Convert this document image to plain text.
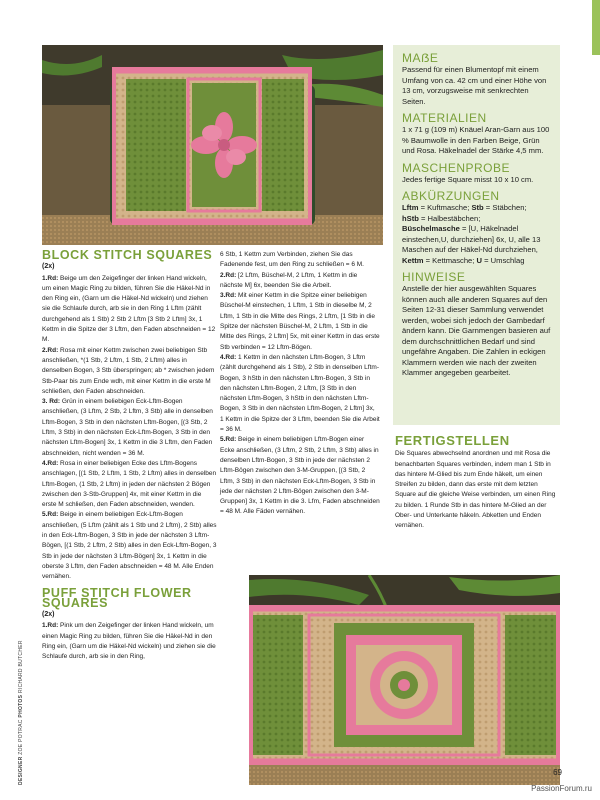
MAẞE

Passend für einen Blumentopf mit einem Umfang von ca. 42 cm und einer Höhe von 13 cm, vorzugsweise mit senkrechten Seiten.

MATERIALIEN

1 x 71 g (109 m) Knäuel Aran-Garn aus 100 % Baumwolle in den Farben Beige, Grün und Rosa. Häkelnadel der Stärke 4,5 mm.

MASCHENPROBE

Jedes fertige Square misst 10 x 10 cm.

ABKÜRZUNGEN

Lftm = Kuftmasche; Stb = Stäbchen;
hStb = Halbestäbchen;
Büschelmasche = [U, Häkelnadel einstechen,U, durchziehen] 6x, U, alle 13 Maschen auf der Häkel-Nd durchziehen, Kettm = Kettmasche; U = Umschlag

HINWEISE

Anstelle der hier ausgewählten Squares können auch alle anderen Squares auf den Seiten 12-31 dieser Sammlung verwendet werden, wobei sich jedoch der Garnbedarf ändern kann. Die Garnmengen basieren auf dem durchschnittlichen Bedarf und sind ungefähre Angaben. Die Zahlen in eckigen Klammern werden wie nach der zweiten Klammer angegeben gearbeitet.

BLOCK STITCH SQUARES
(2x)

1.Rd: Beige um den Zeigefinger der linken Hand wickeln, um einen Magic Ring zu bilden, führen Sie die Häkel-Nd in den Ring ein, (Garn um die Häkel-Nd wickeln) und ziehen sie die Schlaufe durch, arb sie in den Ring 1 Lftm (zählt durchgehend als 1 Stb) 2 Stb 2 Lftm [3 Stb 2 Lftm] 3x, 1 Kettm in die Spitze der 3 Lftm, den Faden abschneiden = 12 M.

2.Rd: Rosa mit einer Kettm zwischen zwei beliebigen Stb anschließen, *(1 Stb, 2 Lftm, 1 Stb, 2 Lftm) alles in denselben Bogen, 3 Stb überspringen; ab * zwischen jedem Stb-Paar bis zum Ende wdh, mit einer Kettm in die erste M schließen, den Faden abschneiden.

3. Rd: Grün in einem beliebigen Eck-Lftm-Bogen anschließen, (3 Lftm, 2 Stb, 2 Lftm, 3 Stb) alle in denselben Lftm-Bogen, 3 Stb in den nächsten Lftm-Bogen, [(3 Stb, 2 Lftm, 3 Stb) in den nächsten Eck-Lftm-Bogen, 3 Stb in den nächsten Lftm-Bogen] 3x, 1 Kettm in die 3 Lftm, den Faden abschneiden, nicht wenden = 36 M.

4.Rd: Rosa in einer beliebigen Ecke des Lftm-Bogens anschlagen, [(1 Stb, 2 Lftm, 1 Stb, 2 Lftm) alles in denselben Lftm-Bogen, (1 Stb, 2 Lftm) in jeden der nächsten 2 Bögen zwischen den 3-Stb-Gruppen] 4x, mit einer Kettm in die erste M schließen, den Faden abschneiden, wenden.

5.Rd: Beige in einem beliebigen Eck-Lftm-Bogen anschließen, (5 Lftm (zählt als 1 Stb und 2 Lftm), 2 Stb) alles in den Eck-Lftm-Bogen, 3 Stb in jede der nächsten 3 Lftm-Bögen, [(1 Stb, 2 Lftm, 2 Stb) alles in den Eck-Lftm-Bogen, 3 Stb in jede der nächsten 3 Lftm-Bögen] 3x, 1 Kettm in die oberste 3 Lftm, den Faden abschneiden = 48 M. Alle Enden vernähen.

PUFF STITCH FLOWER SQUARES
(2x)

1.Rd: Pink um den Zeigefinger der linken Hand wickeln, um einen Magic Ring zu bilden, führen Sie die Häkel-Nd in den Ring ein, (Garn um die Häkel-Nd wickeln) und ziehen sie die Schlaufe durch, arb sie in den Ring,

6 Stb, 1 Kettm zum Verbinden, ziehen Sie das Fadenende fest, um den Ring zu schließen = 6 M.

2.Rd: [2 Lftm, Büschel-M, 2 Lftm, 1 Kettm in die nächste M] 6x, beenden Sie die Arbeit.

3.Rd: Mit einer Kettm in die Spitze einer beliebigen Büschel-M einstechen, 1 Lftm, 1 Stb in dieselbe M, 2 Lftm, 1 Stb in die Mitte des Rings, 2 Lftm, [1 Stb in die Spitze der nächsten Büschel-M, 2 Lftm, 1 Stb in die Mitte des Rings, 2 Lftm] 5x, mit einer Kettm in das erste Stb verbinden = 12 Lftm-Bögen.

4.Rd: 1 Kettm in den nächsten Lftm-Bogen, 3 Lftm (zählt durchgehend als 1 Stb), 2 Stb in denselben Lftm-Bogen, 3 hStb in den nächsten Lftm-Bogen, 3 Stb in den nächsten Lftm-Bogen, 2 Lftm, [3 Stb in den nächsten Lftm-Bogen, 3 hStb in den nächsten Lftm-Bogen, 3 Stb in den nächsten Lftm-Bogen, 2 Lftm] 3x, 1 Kettm in die Spitze der 3 Lftm, beenden Sie die Arbeit = 36 M.

5.Rd: Beige in einem beliebigen Lftm-Bogen einer Ecke anschließen, (3 Lftm, 2 Stb, 2 Lftm, 3 Stb) alles in denselben Lftm-Bogen, 3 Stb in jede der nächsten 2 Lftm-Bögen zwischen den 3-M-Gruppen, [(3 Stb, 2 Lftm, 3 Stb) in den nächsten Eck-Lftm-Bogen, 3 Stb in jede der nächsten 2 Lftm-Bögen zwischen den 3-M-Gruppen] 3x, 1 Kettm in die 3. Lfm, Faden abschneiden = 48 M. Alle Fäden vernähen.

FERTIGSTELLEN

Die Squares abwechselnd anordnen und mit Rosa die benachbarten Squares verbinden, indem man 1 Stb in das hintere M-Glied bis zum Ende häkelt, um einen Streifen zu bilden, dann das erste mit dem letzten Square auf die gleiche Weise verbinden, um einen Ring zu bilden. 1 Runde Stb in das hintere M-Glied an der Ober- und Unterkante häkeln. Abketten und Enden vernähen.

DESIGNER ZOE POTRAC PHOTOS RICHARD BUTCHER
69
PassionForum.ru
